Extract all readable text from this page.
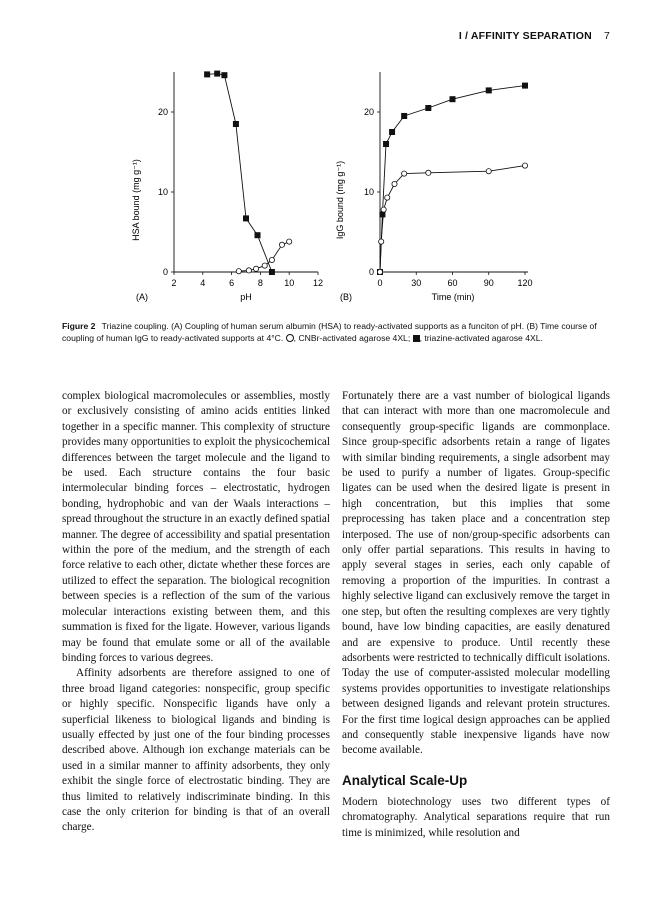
I / AFFINITY SEPARATION 7
2	4	6	8 10 12
0
10
20
HSA bound (mg g⁻¹)
pH
(A)
0	30	60	90	120
0
10
20
IgG bound (mg g⁻¹)
Time (min)
(B)
Figure 2 Triazine coupling. (A) Coupling of human serum albumin (HSA) to ready-activated supports as a funciton of pH. (B) Time course of coupling of human IgG to ready-activated supports at 4°C. , CNBr-activated agarose 4XL; , triazine-activated agarose 4XL.

complex biological macromolecules or assemblies, mostly or exclusively consisting of amino acids entities linked together in a specific manner. This complexity of structure provides many opportunities to exploit the physicochemical differences between the target molecule and the ligand to be used. Each structure contains the four basic intermolecular binding forces – electrostatic, hydrogen bonding, hydrophobic and van der Waals interactions – spread throughout the structure in an exactly defined spatial manner. The degree of accessibility and spatial presentation within the pore of the medium, and the strength of each force relative to each other, dictate whether these forces are utilized to effect the separation. The biological recognition between species is a reflection of the sum of the various molecular interactions existing between them, and this summation is fixed for the ligate. However, various ligands may be found that emulate some or all of the available binding forces to various degrees.

Affinity adsorbents are therefore assigned to one of three broad ligand categories: nonspecific, group specific or highly specific. Nonspecific ligands have only a superficial likeness to biological ligands and binding is usually effected by just one of the four binding processes described above. Although ion exchange materials can be used in a similar manner to affinity adsorbents, they only exhibit the single force of electrostatic binding. They are thus limited to relatively indiscriminate binding. In this case the only criterion for binding is that of an overall charge.

Fortunately there are a vast number of biological ligands that can interact with more than one macromolecule and consequently group-specific ligands are commonplace. Since group-specific adsorbents retain a range of ligates with similar binding requirements, a single adsorbent may be used to purify a number of ligates. Group-specific ligates can be used when the desired ligate is present in high concentration, but this implies that some preprocessing has taken place and a concentration step interposed. The use of non/group-specific adsorbents can only offer partial separations. This results in having to apply several stages in series, each only capable of removing a proportion of the impurities. In contrast a highly selective ligand can exclusively remove the target in one step, but often the resulting complexes are very tightly bound, have low binding capacities, are easily denatured and are expensive to produce. Until recently these adsorbents were restricted to technically difficult isolations. Today the use of computer-assisted molecular modelling systems provides opportunities to investigate relationships between designed ligands and relevant protein structures. For the first time logical design approaches can be applied and consequently stable inexpensive ligands have now become available.

Analytical Scale-Up

Modern biotechnology uses two different types of chromatography. Analytical separations require that run time is minimized, while resolution and
